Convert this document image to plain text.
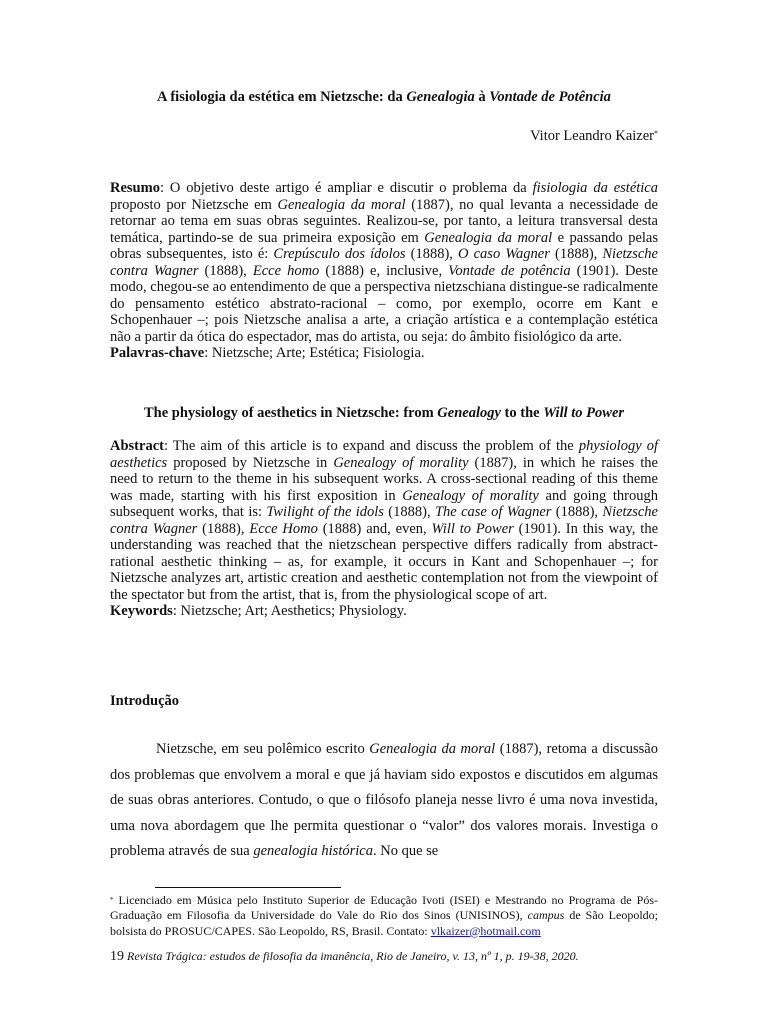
A fisiologia da estética em Nietzsche: da Genealogia à Vontade de Potência
Vitor Leandro Kaizer*
Resumo: O objetivo deste artigo é ampliar e discutir o problema da fisiologia da estética proposto por Nietzsche em Genealogia da moral (1887), no qual levanta a necessidade de retornar ao tema em suas obras seguintes. Realizou-se, por tanto, a leitura transversal desta temática, partindo-se de sua primeira exposição em Genealogia da moral e passando pelas obras subsequentes, isto é: Crepúsculo dos ídolos (1888), O caso Wagner (1888), Nietzsche contra Wagner (1888), Ecce homo (1888) e, inclusive, Vontade de potência (1901). Deste modo, chegou-se ao entendimento de que a perspectiva nietzschiana distingue-se radicalmente do pensamento estético abstrato-racional – como, por exemplo, ocorre em Kant e Schopenhauer –; pois Nietzsche analisa a arte, a criação artística e a contemplação estética não a partir da ótica do espectador, mas do artista, ou seja: do âmbito fisiológico da arte.
Palavras-chave: Nietzsche; Arte; Estética; Fisiologia.
The physiology of aesthetics in Nietzsche: from Genealogy to the Will to Power
Abstract: The aim of this article is to expand and discuss the problem of the physiology of aesthetics proposed by Nietzsche in Genealogy of morality (1887), in which he raises the need to return to the theme in his subsequent works. A cross-sectional reading of this theme was made, starting with his first exposition in Genealogy of morality and going through subsequent works, that is: Twilight of the idols (1888), The case of Wagner (1888), Nietzsche contra Wagner (1888), Ecce Homo (1888) and, even, Will to Power (1901). In this way, the understanding was reached that the nietzschean perspective differs radically from abstract-rational aesthetic thinking – as, for example, it occurs in Kant and Schopenhauer –; for Nietzsche analyzes art, artistic creation and aesthetic contemplation not from the viewpoint of the spectator but from the artist, that is, from the physiological scope of art.
Keywords: Nietzsche; Art; Aesthetics; Physiology.
Introdução
Nietzsche, em seu polêmico escrito Genealogia da moral (1887), retoma a discussão dos problemas que envolvem a moral e que já haviam sido expostos e discutidos em algumas de suas obras anteriores. Contudo, o que o filósofo planeja nesse livro é uma nova investida, uma nova abordagem que lhe permita questionar o “valor” dos valores morais. Investiga o problema através de sua genealogia histórica. No que se
* Licenciado em Música pelo Instituto Superior de Educação Ivoti (ISEI) e Mestrando no Programa de Pós-Graduação em Filosofia da Universidade do Vale do Rio dos Sinos (UNISINOS), campus de São Leopoldo; bolsista do PROSUC/CAPES. São Leopoldo, RS, Brasil. Contato: vlkaizer@hotmail.com
19 Revista Trágica: estudos de filosofia da imanência, Rio de Janeiro, v. 13, nº 1, p. 19-38, 2020.
